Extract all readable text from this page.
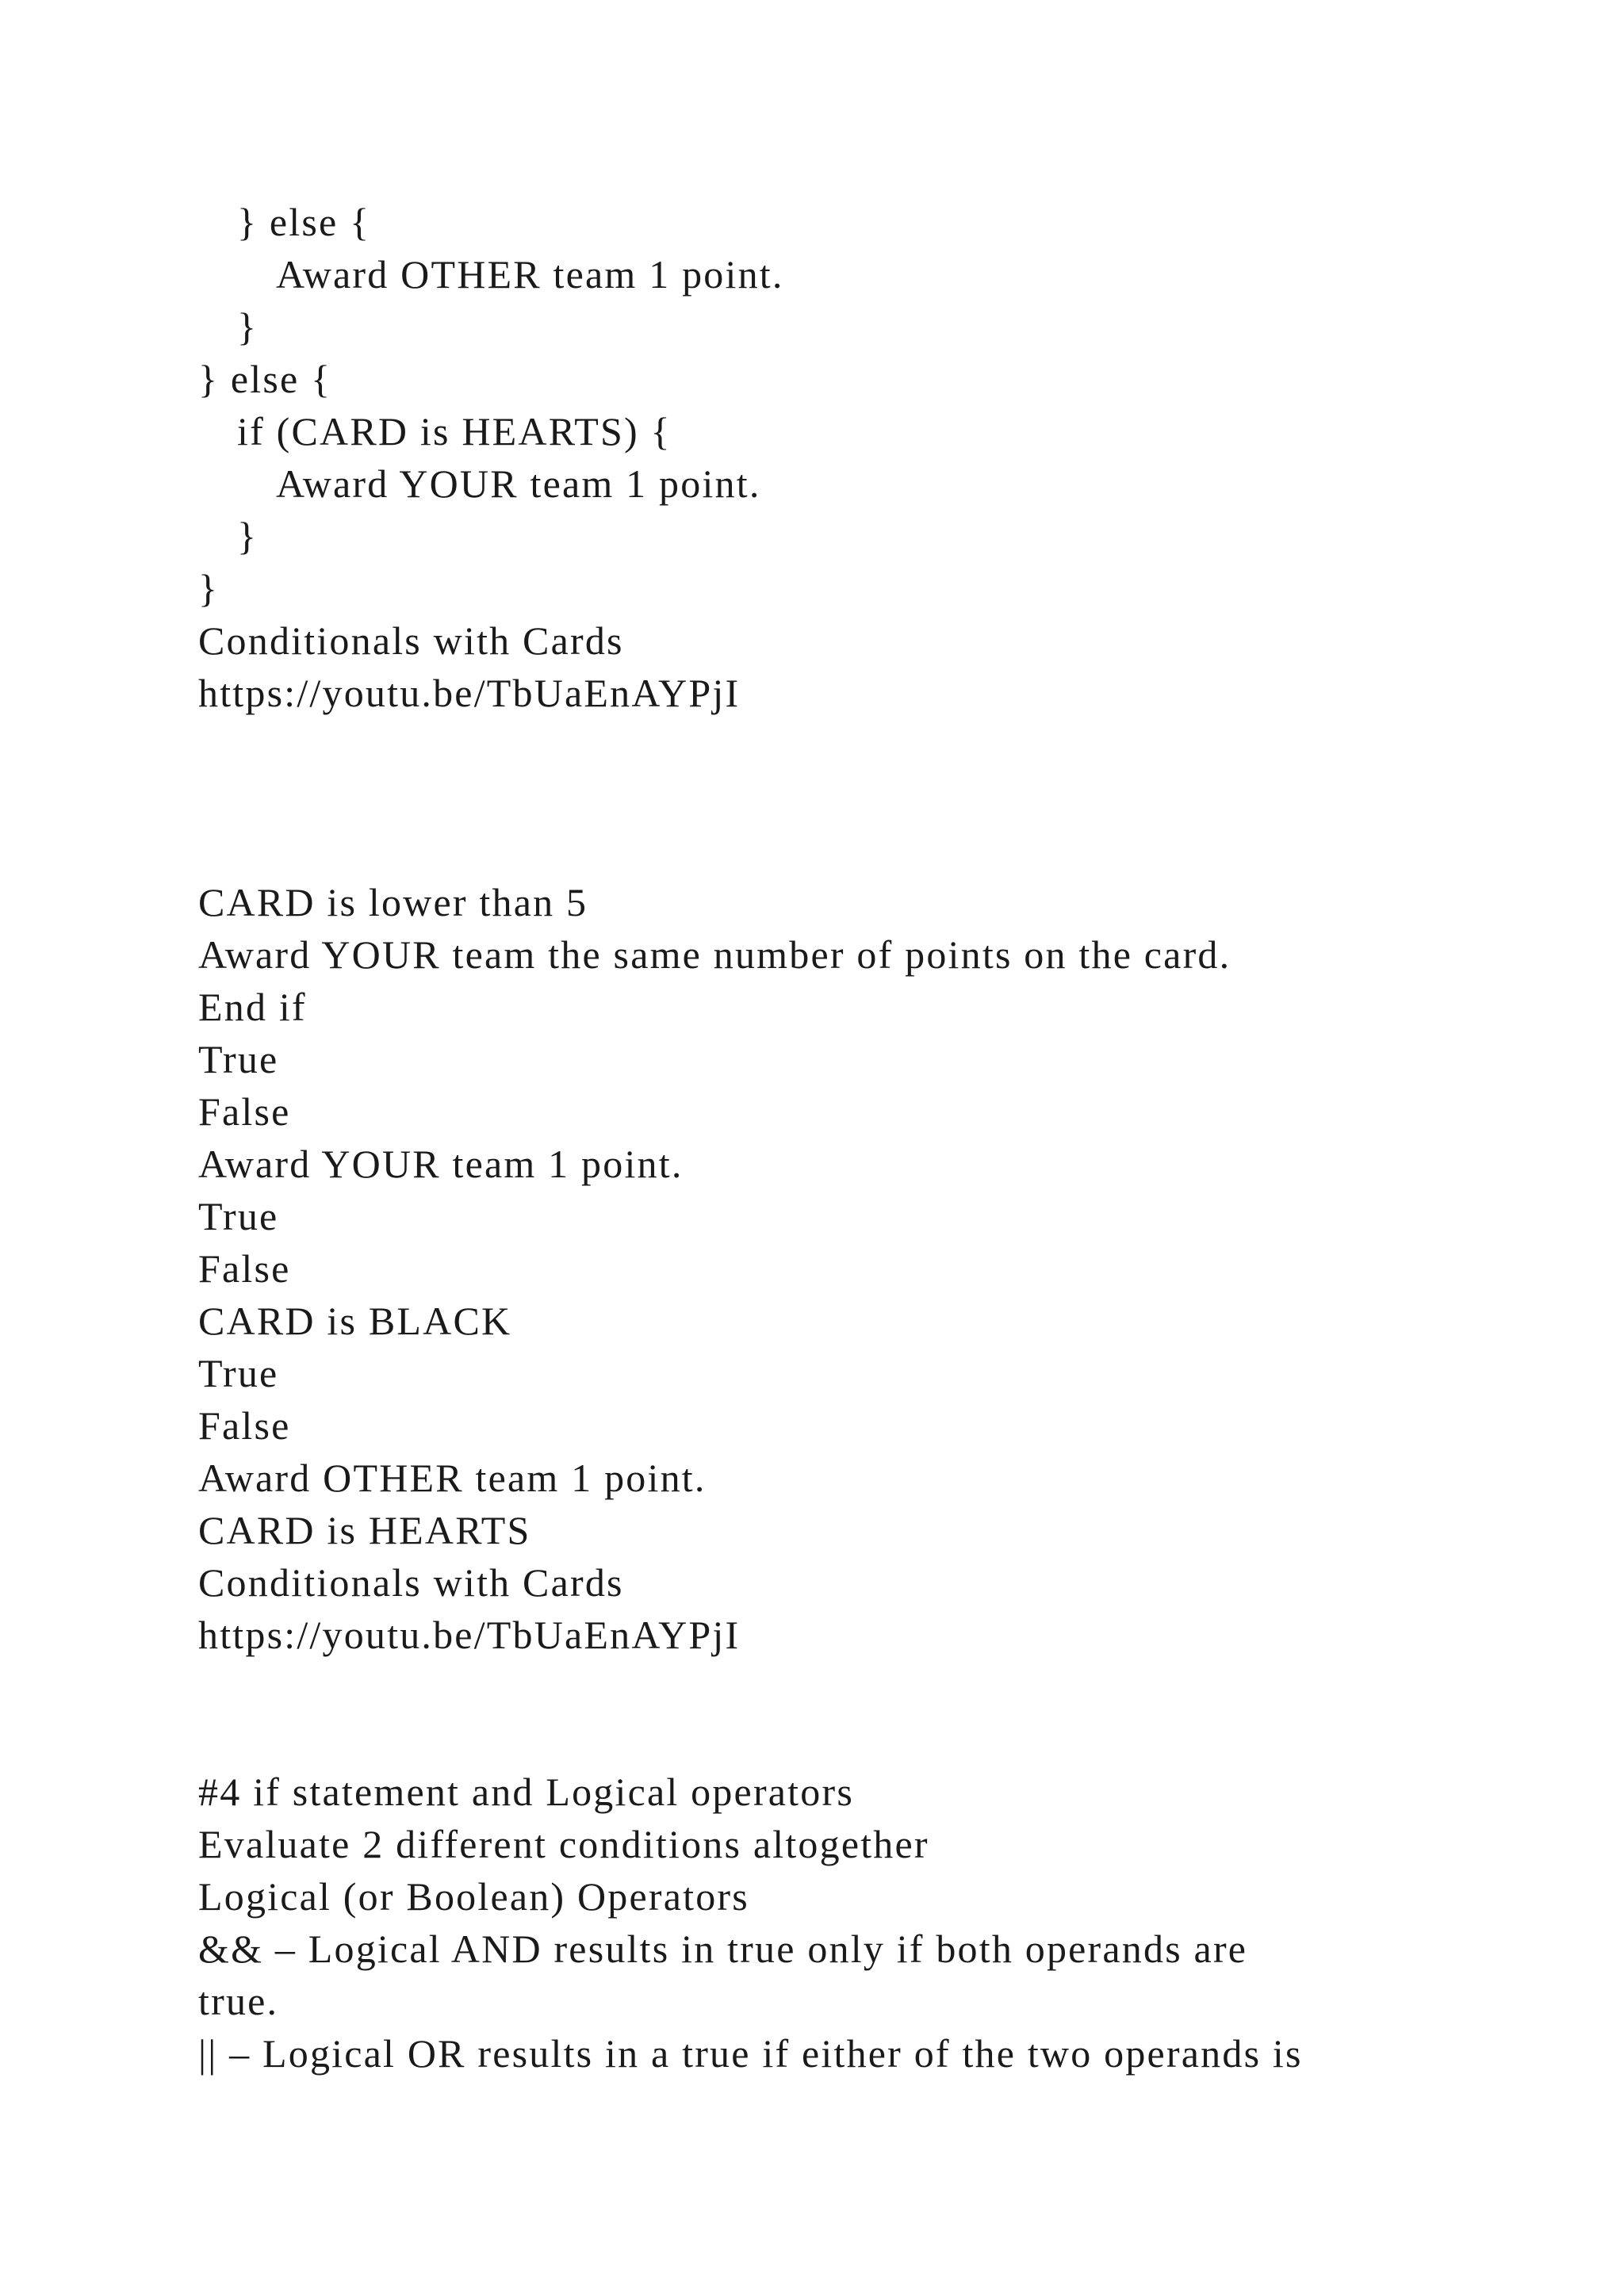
} else {
Award OTHER team 1 point.
}
} else {
if (CARD is HEARTS) {
Award YOUR team 1 point.
}
}
Conditionals with Cards
https://youtu.be/TbUaEnAYPjI
CARD is lower than 5
Award YOUR team the same number of points on the card.
End if
True
False
Award YOUR team 1 point.
True
False
CARD is BLACK
True
False
Award OTHER team 1 point.
CARD is HEARTS
Conditionals with Cards
https://youtu.be/TbUaEnAYPjI
#4 if statement and Logical operators
Evaluate 2 different conditions altogether
Logical (or Boolean) Operators
&& – Logical AND results in true only if both operands are
true.
|| – Logical OR results in a true if either of the two operands is
